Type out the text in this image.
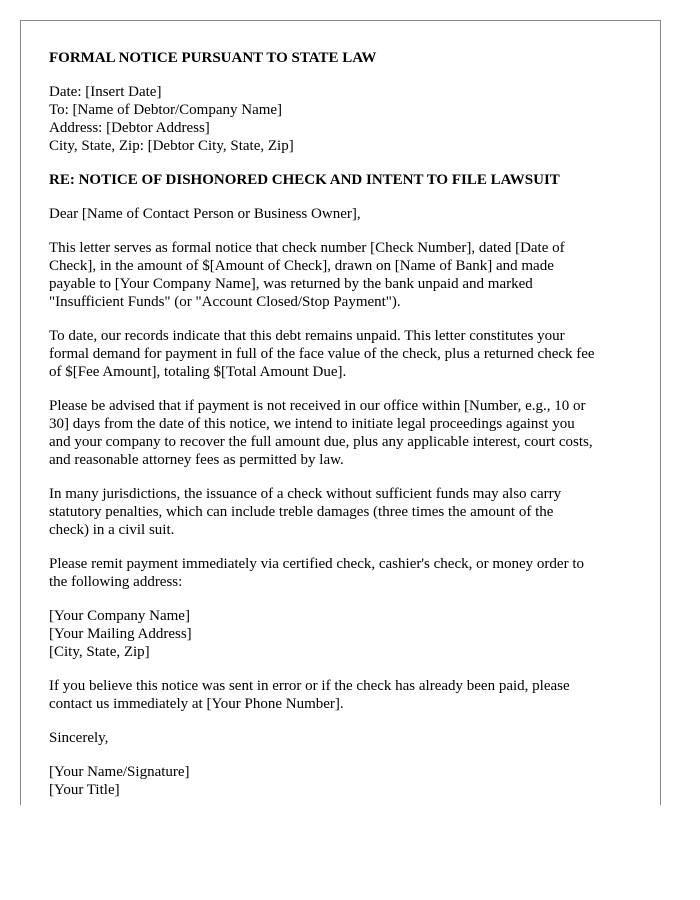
FORMAL NOTICE PURSUANT TO STATE LAW
Date: [Insert Date]
To: [Name of Debtor/Company Name]
Address: [Debtor Address]
City, State, Zip: [Debtor City, State, Zip]
RE: NOTICE OF DISHONORED CHECK AND INTENT TO FILE LAWSUIT

Dear [Name of Contact Person or Business Owner],

This letter serves as formal notice that check number [Check Number], dated [Date of
Check], in the amount of $[Amount of Check], drawn on [Name of Bank] and made
payable to [Your Company Name], was returned by the bank unpaid and marked
"Insufficient Funds" (or "Account Closed/Stop Payment").

To date, our records indicate that this debt remains unpaid. This letter constitutes your
formal demand for payment in full of the face value of the check, plus a returned check fee
of $[Fee Amount], totaling $[Total Amount Due].

Please be advised that if payment is not received in our office within [Number, e.g., 10 or
30] days from the date of this notice, we intend to initiate legal proceedings against you
and your company to recover the full amount due, plus any applicable interest, court costs,
and reasonable attorney fees as permitted by law.

In many jurisdictions, the issuance of a check without sufficient funds may also carry
statutory penalties, which can include treble damages (three times the amount of the
check) in a civil suit.

Please remit payment immediately via certified check, cashier's check, or money order to
the following address:

[Your Company Name]
[Your Mailing Address]
[City, State, Zip]

If you believe this notice was sent in error or if the check has already been paid, please
contact us immediately at [Your Phone Number].

Sincerely,

[Your Name/Signature]
[Your Title]
